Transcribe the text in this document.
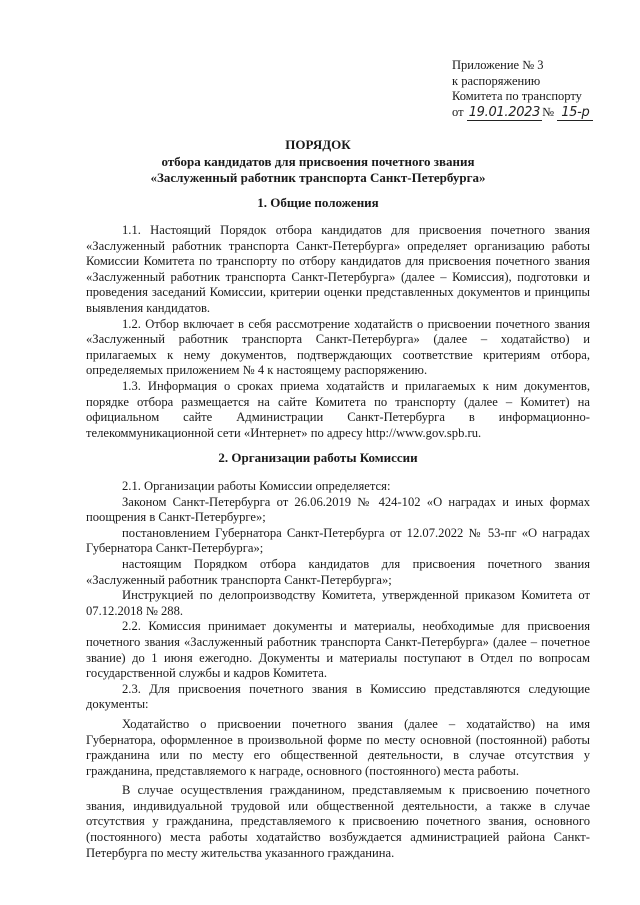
Приложение № 3
к распоряжению
Комитета по транспорту
от 19.01.2023 № 15-р
ПОРЯДОК
отбора кандидатов для присвоения почетного звания
«Заслуженный работник транспорта Санкт-Петербурга»
1. Общие положения

1.1. Настоящий Порядок отбора кандидатов для присвоения почетного звания «Заслуженный работник транспорта Санкт-Петербурга» определяет организацию работы Комиссии Комитета по транспорту по отбору кандидатов для присвоения почетного звания «Заслуженный работник транспорта Санкт-Петербурга» (далее – Комиссия), подготовки и проведения заседаний Комиссии, критерии оценки представленных документов и принципы выявления кандидатов.

1.2. Отбор включает в себя рассмотрение ходатайств о присвоении почетного звания «Заслуженный работник транспорта Санкт-Петербурга» (далее – ходатайство) и прилагаемых к нему документов, подтверждающих соответствие критериям отбора, определяемых приложением № 4 к настоящему распоряжению.

1.3. Информация о сроках приема ходатайств и прилагаемых к ним документов, порядке отбора размещается на сайте Комитета по транспорту (далее – Комитет) на официальном сайте Администрации Санкт-Петербурга в информационно-телекоммуникационной сети «Интернет» по адресу http://www.gov.spb.ru.

2. Организации работы Комиссии

2.1. Организации работы Комиссии определяется:

Законом Санкт-Петербурга от 26.06.2019 № 424-102 «О наградах и иных формах поощрения в Санкт-Петербурге»;

постановлением Губернатора Санкт-Петербурга от 12.07.2022 № 53-пг «О наградах Губернатора Санкт-Петербурга»;

настоящим Порядком отбора кандидатов для присвоения почетного звания «Заслуженный работник транспорта Санкт-Петербурга»;

Инструкцией по делопроизводству Комитета, утвержденной приказом Комитета от 07.12.2018 № 288.

2.2. Комиссия принимает документы и материалы, необходимые для присвоения почетного звания «Заслуженный работник транспорта Санкт-Петербурга» (далее – почетное звание) до 1 июня ежегодно. Документы и материалы поступают в Отдел по вопросам государственной службы и кадров Комитета.

2.3. Для присвоения почетного звания в Комиссию представляются следующие документы:

Ходатайство о присвоении почетного звания (далее – ходатайство) на имя Губернатора, оформленное в произвольной форме по месту основной (постоянной) работы гражданина или по месту его общественной деятельности, в случае отсутствия у гражданина, представляемого к награде, основного (постоянного) места работы.

В случае осуществления гражданином, представляемым к присвоению почетного звания, индивидуальной трудовой или общественной деятельности, а также в случае отсутствия у гражданина, представляемого к присвоению почетного звания, основного (постоянного) места работы ходатайство возбуждается администрацией района Санкт-Петербурга по месту жительства указанного гражданина.
